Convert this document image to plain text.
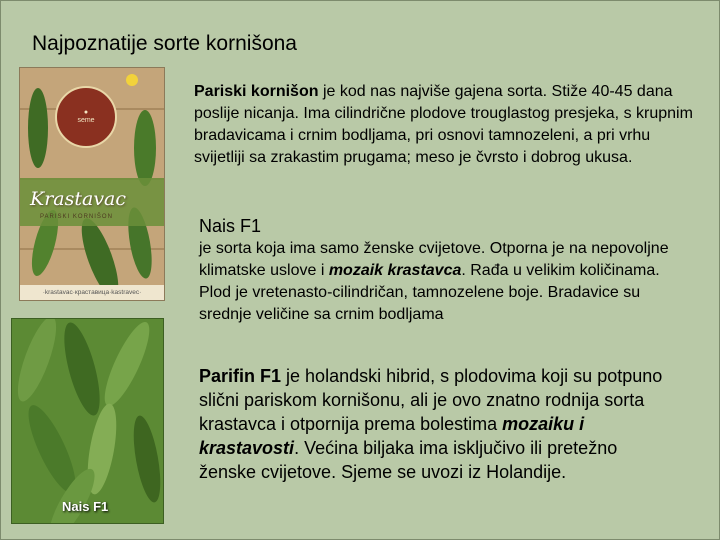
Najpoznatije sorte kornišona
●
seme
Krastavac
PARISKI KORNIŠON
·krastavac·краставица·kastravec·
Nais F1
Pariski kornišon je kod nas najviše gajena sorta. Stiže 40-45 dana poslije nicanja. Ima cilindrične plodove trouglastog presjeka, s krupnim bradavicama i crnim bodljama, pri osnovi tamnozeleni, a pri vrhu svijetliji sa zrakastim prugama; meso je čvrsto i dobrog ukusa.
Nais F1
je sorta koja ima samo ženske cvijetove. Otporna je na nepovoljne klimatske uslove i mozaik krastavca. Rađa u velikim količinama. Plod je vretenasto-cilindričan, tamnozelene boje. Bradavice su srednje veličine sa crnim bodljama
Parifin F1 je holandski hibrid, s plodovima koji su potpuno slični pariskom kornišonu, ali je ovo znatno rodnija sorta krastavca i otpornija prema bolestima mozaiku i krastavosti. Većina biljaka ima isključivo ili pretežno ženske cvijetove. Sjeme se uvozi iz Holandije.
